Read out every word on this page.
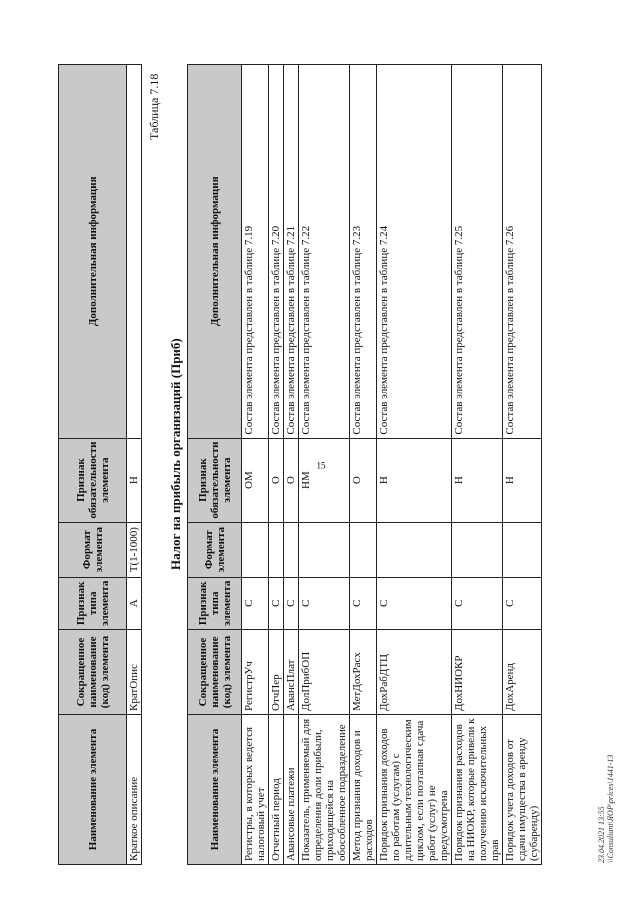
Наименование элемента	Сокращенное наименование (код) элемента	Признак типа элемента	Формат элемента	Признак обязательности элемента	Дополнительная информация
Краткое описание	КратОпис	А	T(1-1000)	Н	
15
Таблица 7.18
Налог на прибыль организаций (Приб)
Наименование элемента	Сокращенное наименование (код) элемента	Признак типа элемента	Формат элемента	Признак обязательности элемента	Дополнительная информация
Регистры, в которых ведется налоговый учет	РегистрУч	С		ОМ	Состав элемента представлен в таблице 7.19
Отчетный период	ОтчПер	С		О	Состав элемента представлен в таблице 7.20
Авансовые платежи	АвансПлат	С		О	Состав элемента представлен в таблице 7.21
Показатель, применяемый для определения доли прибыли, приходящейся на обособленное подразделение	ДолПрибОП	С		НМ	Состав элемента представлен в таблице 7.22
Метод признания доходов и расходов	МетДохРасх	С		О	Состав элемента представлен в таблице 7.23
Порядок признания доходов по работам (услугам) с длительным технологическим циклом, если поэтапная сдача работ (услуг) не предусмотрена	ДохРабДТЦ	С		Н	Состав элемента представлен в таблице 7.24
Порядок признания расходов на НИОКР, которые привели к получению исключительных прав	ДохНИОКР	С		Н	Состав элемента представлен в таблице 7.25
Порядок учета доходов от сдачи имущества в аренду (субаренду)	ДохАренд	С		Н	Состав элемента представлен в таблице 7.26
23.04.2021 13:55 \\Consultant\ЯОР\prices\1441-13
